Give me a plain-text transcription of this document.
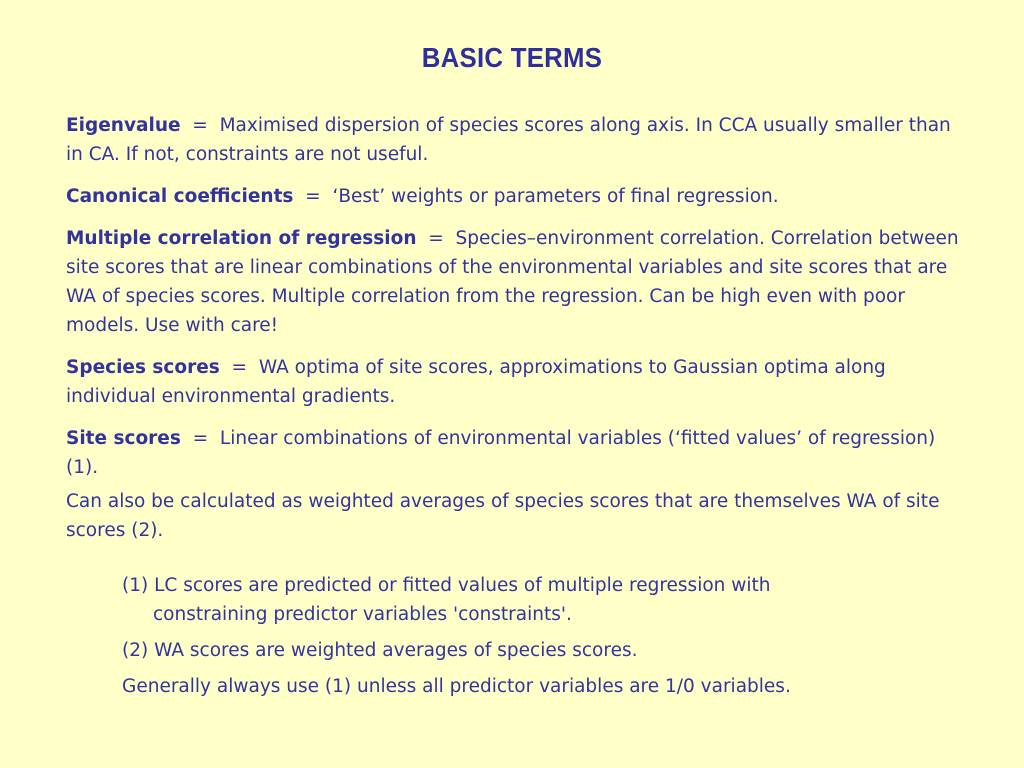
BASIC TERMS

Eigenvalue  =  Maximised dispersion of species scores along axis. In CCA usually smaller than in CA. If not, constraints are not useful.

Canonical coefficients  =  ‘Best’ weights or parameters of final regression.

Multiple correlation of regression  =  Species–environment correlation. Correlation between site scores that are linear combinations of the environmental variables and site scores that are WA of species scores. Multiple correlation from the regression. Can be high even with poor models. Use with care!

Species scores  =  WA optima of site scores, approximations to Gaussian optima along individual environmental gradients.

Site scores  =  Linear combinations of environmental variables (‘fitted values’ of regression) (1).

Can also be calculated as weighted averages of species scores that are themselves WA of site scores (2).

(1) LC scores are predicted or fitted values of multiple regression with constraining predictor variables 'constraints'.

(2) WA scores are weighted averages of species scores.

Generally always use (1) unless all predictor variables are 1/0 variables.
